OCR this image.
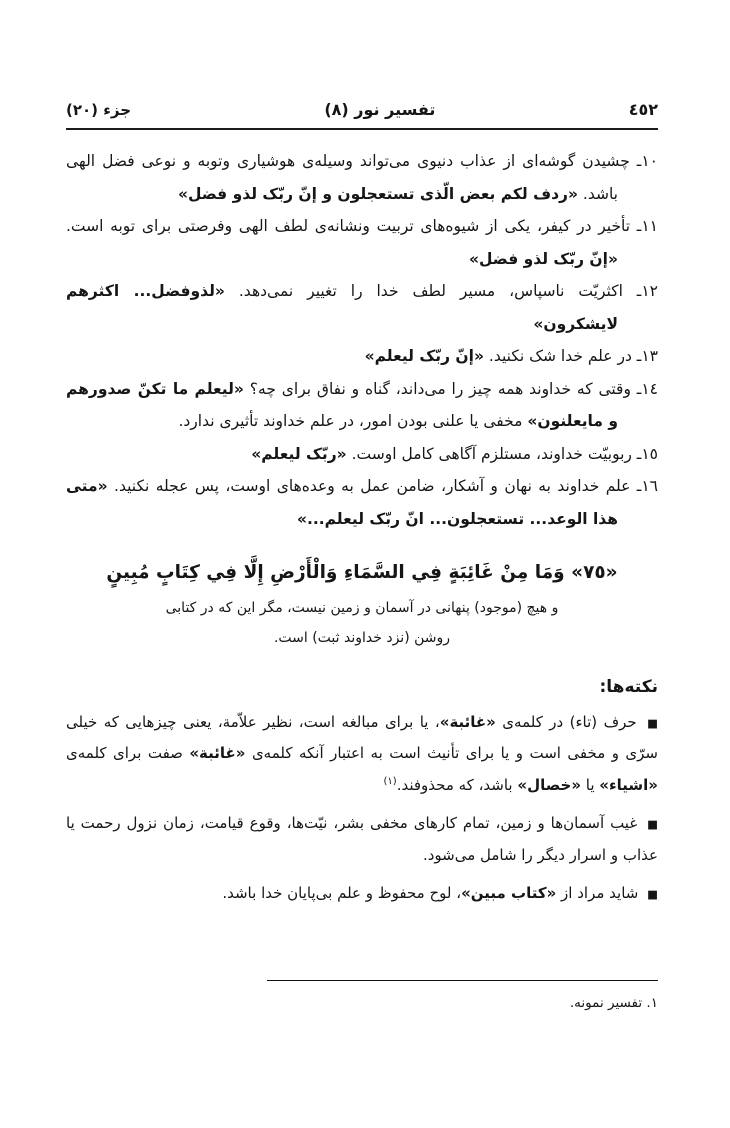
٤٥٢
تفسیر نور (٨)
جزء (٢٠)

١٠ـ چشیدن گوشه‌ای از عذاب دنیوی می‌تواند وسیله‌ی هوشیاری وتوبه و نوعی فضل الهی باشد. «ردف لکم بعض الّذی تستعجلون و إنّ ربّک لذو فضل»

١١ـ تأخیر در کیفر، یکی از شیوه‌های تربیت ونشانه‌ی لطف الهی وفرصتی برای توبه است. «إنّ ربّک لذو فضل»

١٢ـ اکثریّت ناسپاس، مسیر لطف خدا را تغییر نمی‌دهد. «لذوفضل... اکثرهم لایشکرون»

١٣ـ در علم خدا شک نکنید. «إنّ ربّک لیعلم»

١٤ـ وقتی که خداوند همه چیز را می‌داند، گناه و نفاق برای چه؟ «لیعلم ما تکنّ صدورهم و مایعلنون» مخفی یا علنی بودن امور، در علم خداوند تأثیری ندارد.

١٥ـ ربوبیّت خداوند، مستلزم آگاهی کامل اوست. «ربّک لیعلم»

١٦ـ علم خداوند به نهان و آشکار، ضامن عمل به وعده‌های اوست، پس عجله نکنید. «متی هذا الوعد... تستعجلون... انّ ربّک لیعلم...»

«٧٥» وَمَا مِنْ غَائِبَةٍ فِي السَّمَاءِ وَالْأَرْضِ إِلَّا فِي كِتَابٍ مُبِينٍ

و هیچ (موجود) پنهانی در آسمان و زمین نیست، مگر این که در کتابی روشن (نزد خداوند ثبت) است.

نکته‌ها:

■ حرف (تاء) در کلمه‌ی «غائبة»، یا برای مبالغه است، نظیر علاّمة، یعنی چیزهایی که خیلی سرّی و مخفی است و یا برای تأنیث است به اعتبار آنکه کلمه‌ی «غائبة» صفت برای کلمه‌ی «اشیاء» یا «خصال» باشد، که محذوفند.$^{(١)}$

■ غیب آسمان‌ها و زمین، تمام کارهای مخفی بشر، نیّت‌ها، وقوع قیامت، زمان نزول رحمت یا عذاب و اسرار دیگر را شامل می‌شود.

■ شاید مراد از «کتاب مبین»، لوح محفوظ و علم بی‌پایان خدا باشد.

١. تفسیر نمونه.
